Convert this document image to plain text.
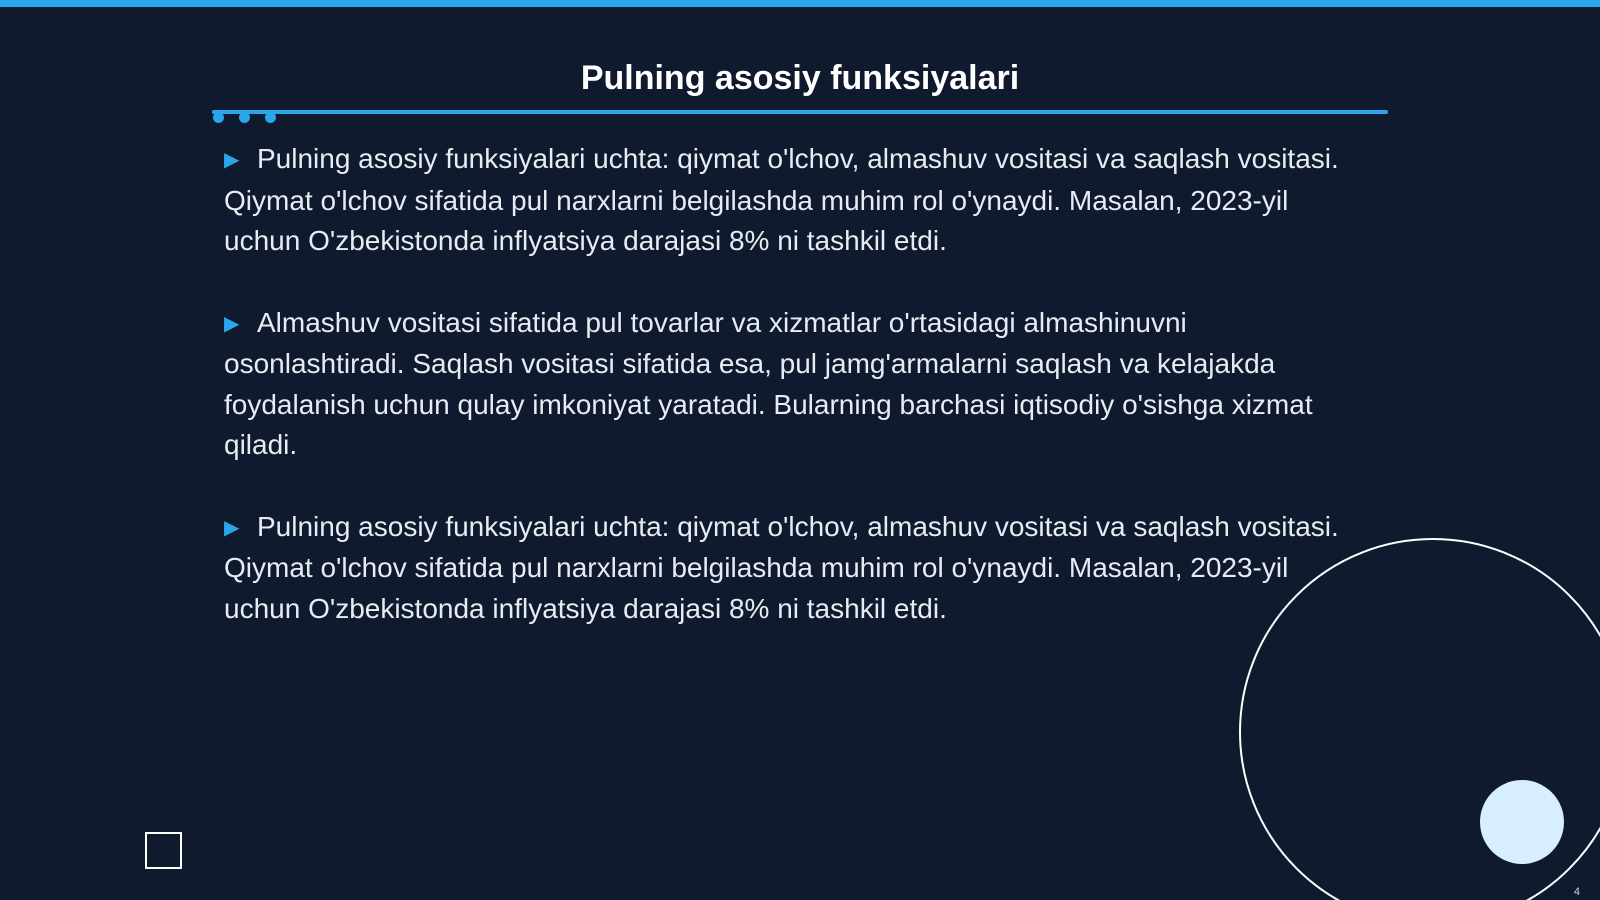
Pulning asosiy funksiyalari

▶ Pulning asosiy funksiyalari uchta: qiymat o'lchov, almashuv vositasi va saqlash vositasi. Qiymat o'lchov sifatida pul narxlarni belgilashda muhim rol o'ynaydi. Masalan, 2023-yil uchun O'zbekistonda inflyatsiya darajasi 8% ni tashkil etdi.

▶ Almashuv vositasi sifatida pul tovarlar va xizmatlar o'rtasidagi almashinuvni osonlashtiradi. Saqlash vositasi sifatida esa, pul jamg'armalarni saqlash va kelajakda foydalanish uchun qulay imkoniyat yaratadi. Bularning barchasi iqtisodiy o'sishga xizmat qiladi.

▶ Pulning asosiy funksiyalari uchta: qiymat o'lchov, almashuv vositasi va saqlash vositasi. Qiymat o'lchov sifatida pul narxlarni belgilashda muhim rol o'ynaydi. Masalan, 2023-yil uchun O'zbekistonda inflyatsiya darajasi 8% ni tashkil etdi.

4
